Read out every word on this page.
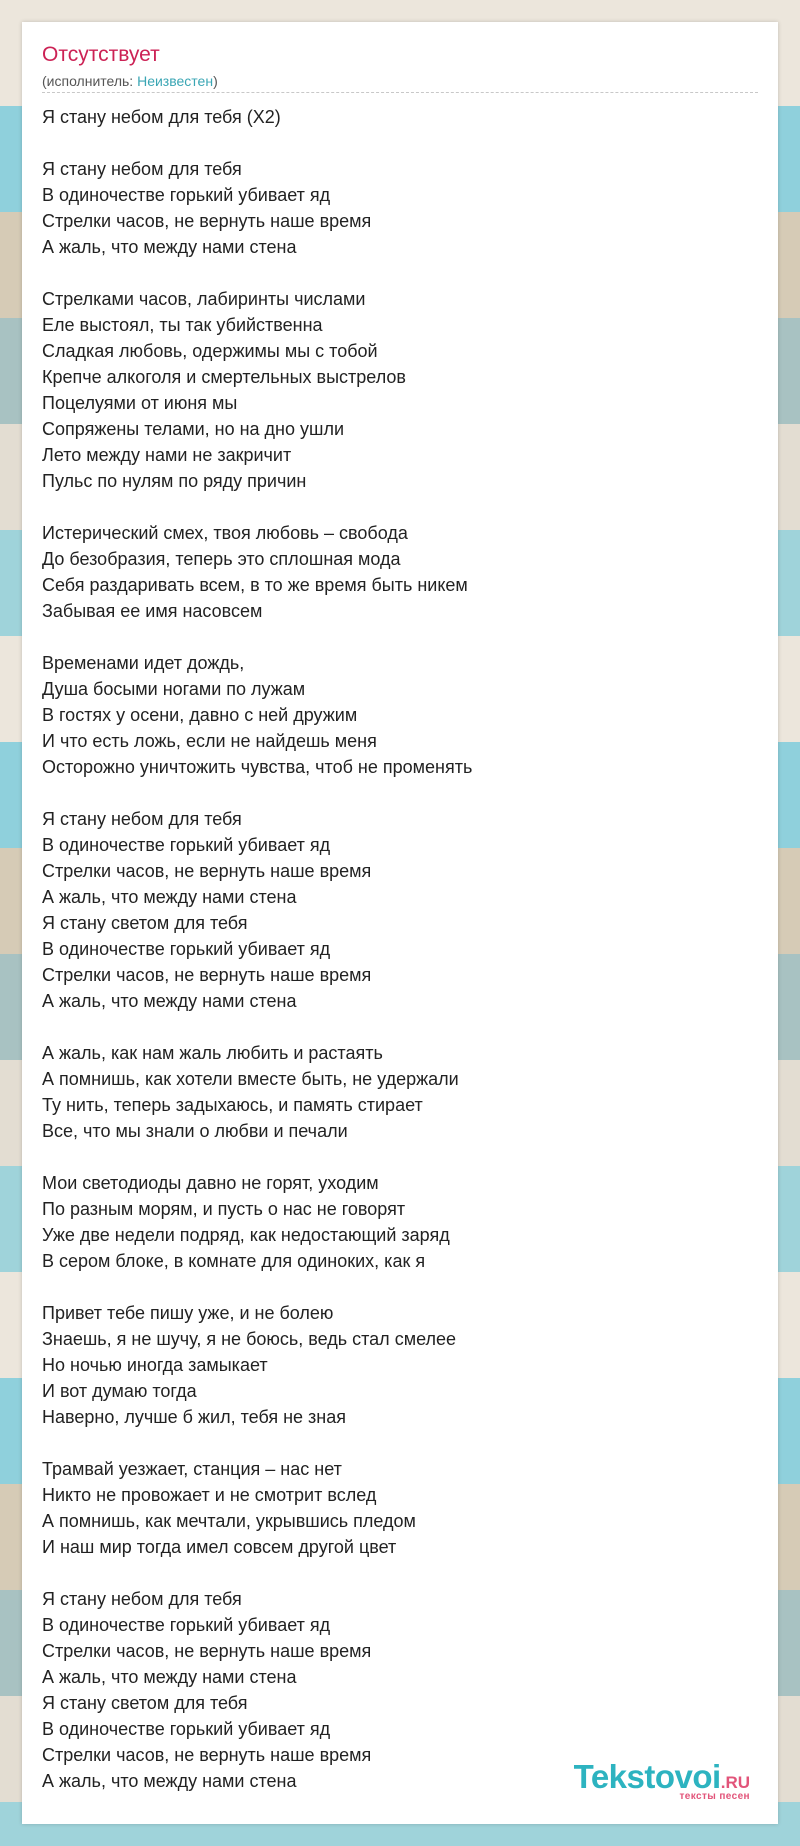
Отсутствует
(исполнитель: Неизвестен)
Я стану небом для тебя (X2)
Я стану небом для тебя
В одиночестве горький убивает яд
Стрелки часов, не вернуть наше время
А жаль, что между нами стена
Стрелками часов, лабиринты числами
Еле выстоял, ты так убийственна
Сладкая любовь, одержимы мы с тобой
Крепче алкоголя и смертельных выстрелов
Поцелуями от июня мы
Сопряжены телами, но на дно ушли
Лето между нами не закричит
Пульс по нулям по ряду причин
Истерический смех, твоя любовь – свобода
До безобразия, теперь это сплошная мода
Себя раздаривать всем, в то же время быть никем
Забывая ее имя насовсем
Временами идет дождь,
Душа босыми ногами по лужам
В гостях у осени, давно с ней дружим
И что есть ложь, если не найдешь меня
Осторожно уничтожить чувства, чтоб не променять
Я стану небом для тебя
В одиночестве горький убивает яд
Стрелки часов, не вернуть наше время
А жаль, что между нами стена
Я стану светом для тебя
В одиночестве горький убивает яд
Стрелки часов, не вернуть наше время
А жаль, что между нами стена
А жаль, как нам жаль любить и растаять
А помнишь, как хотели вместе быть, не удержали
Ту нить, теперь задыхаюсь, и память стирает
Все, что мы знали о любви и печали
Мои светодиоды давно не горят, уходим
По разным морям, и пусть о нас не говорят
Уже две недели подряд, как недостающий заряд
В сером блоке, в комнате для одиноких, как я
Привет тебе пишу уже, и не болею
Знаешь, я не шучу, я не боюсь, ведь стал смелее
Но ночью иногда замыкает
И вот думаю тогда
Наверно, лучше б жил, тебя не зная
Трамвай уезжает, станция – нас нет
Никто не провожает и не смотрит вслед
А помнишь, как мечтали, укрывшись пледом
И наш мир тогда имел совсем другой цвет
Я стану небом для тебя
В одиночестве горький убивает яд
Стрелки часов, не вернуть наше время
А жаль, что между нами стена
Я стану светом для тебя
В одиночестве горький убивает яд
Стрелки часов, не вернуть наше время
А жаль, что между нами стена	Tekstovoi.RU
тексты песен
